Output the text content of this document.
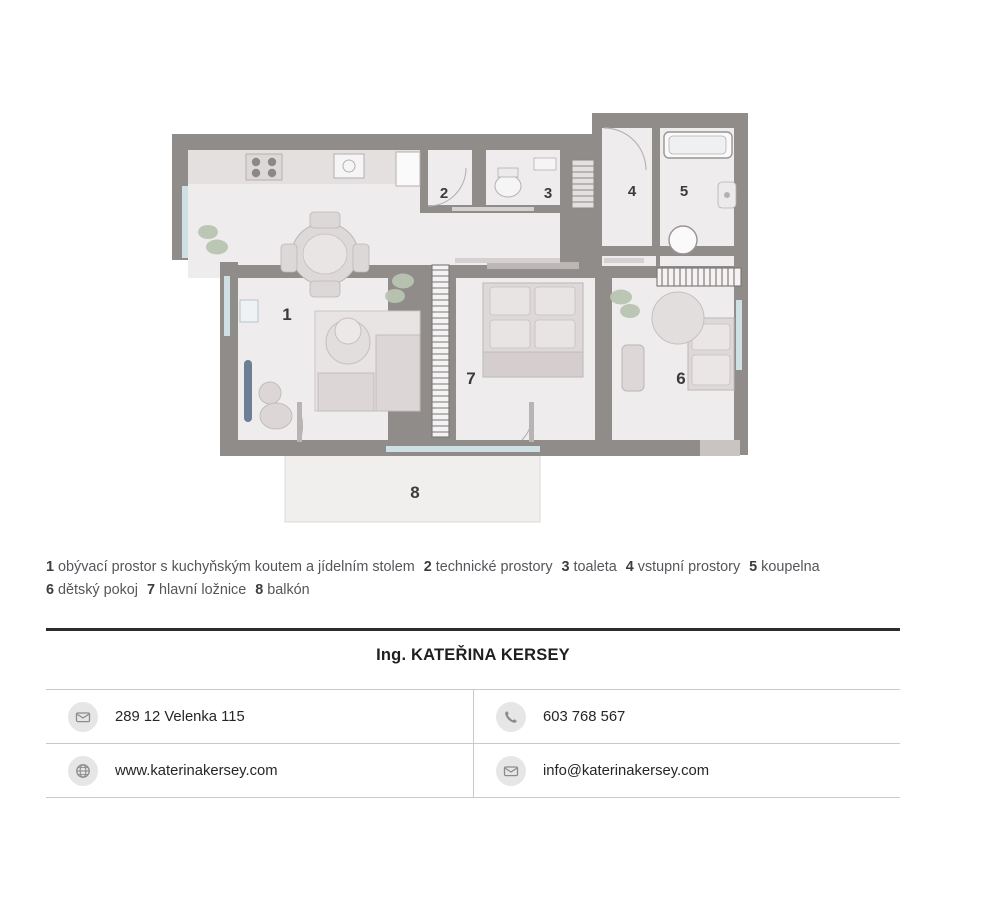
1
2	3	4	5
6
7
8
1 obývací prostor s kuchyňským koutem a jídelním stolem 2 technické prostory 3 toaleta 4 vstupní prostory 5 koupelna6 dětský pokoj 7 hlavní ložnice 8 balkón
Ing. KATEŘINA KERSEY
289 12 Velenka 115	603 768 567
www.katerinakersey.com	info@katerinakersey.com
